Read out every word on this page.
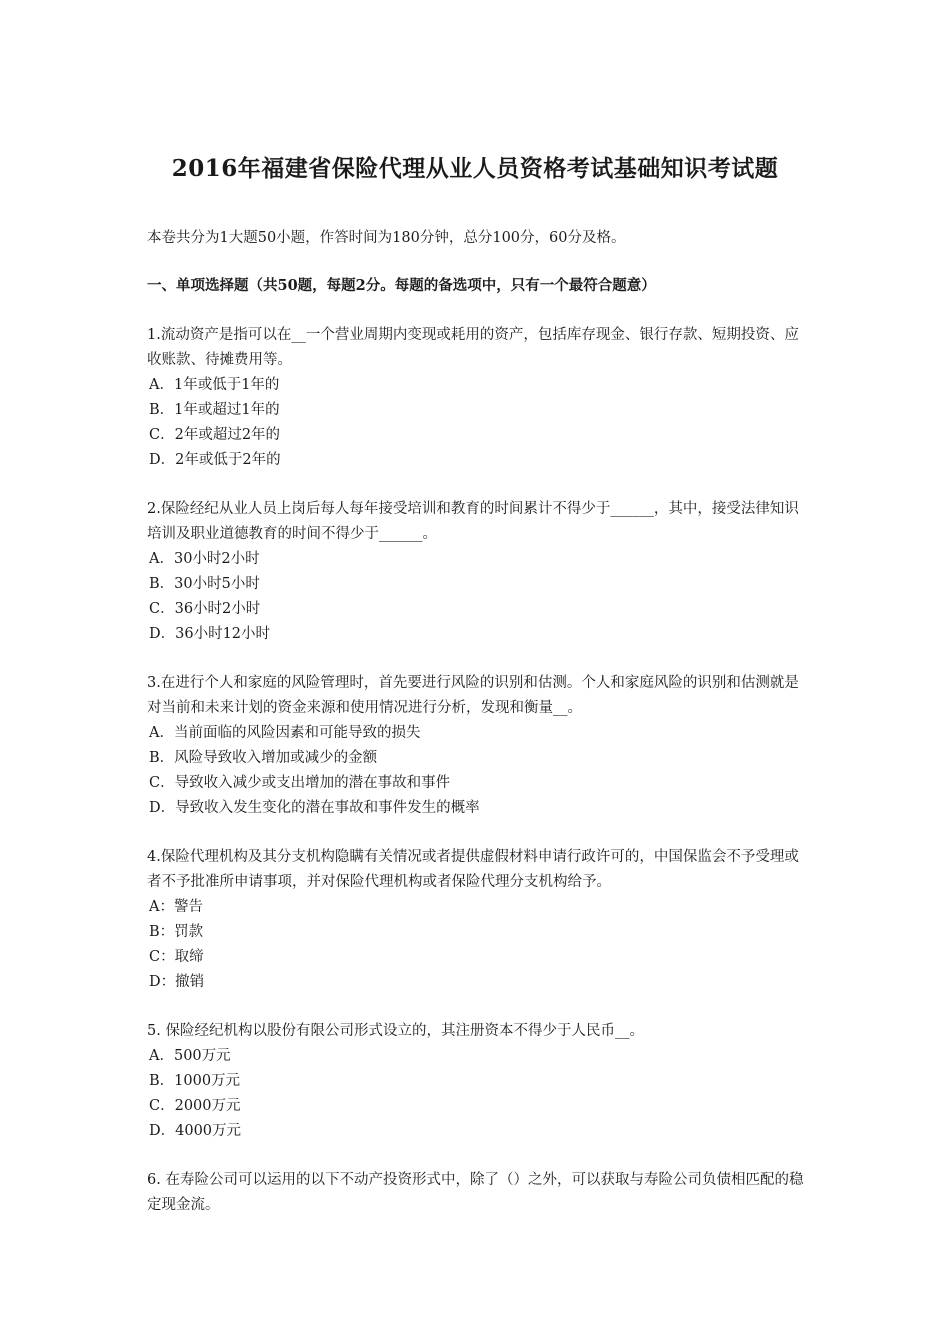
2016年福建省保险代理从业人员资格考试基础知识考试题
本卷共分为1大题50小题，作答时间为180分钟，总分100分，60分及格。
一、单项选择题（共50题，每题2分。每题的备选项中，只有一个最符合题意）

1.流动资产是指可以在__一个营业周期内变现或耗用的资产，包括库存现金、银行存款、短期投资、应收账款、待摊费用等。

A．1年或低于1年的
B．1年或超过1年的
C．2年或超过2年的
D．2年或低于2年的

2.保险经纪从业人员上岗后每人每年接受培训和教育的时间累计不得少于______，其中，接受法律知识培训及职业道德教育的时间不得少于______。

A．30小时2小时
B．30小时5小时
C．36小时2小时
D．36小时12小时

3.在进行个人和家庭的风险管理时，首先要进行风险的识别和估测。个人和家庭风险的识别和估测就是对当前和未来计划的资金来源和使用情况进行分析，发现和衡量__。

A．当前面临的风险因素和可能导致的损失
B．风险导致收入增加或减少的金额
C．导致收入减少或支出增加的潜在事故和事件
D．导致收入发生变化的潜在事故和事件发生的概率

4.保险代理机构及其分支机构隐瞒有关情况或者提供虚假材料申请行政许可的，中国保监会不予受理或者不予批准所申请事项，并对保险代理机构或者保险代理分支机构给予。

A：警告
B：罚款
C：取缔
D：撤销

5. 保险经纪机构以股份有限公司形式设立的，其注册资本不得少于人民币__。

A．500万元
B．1000万元
C．2000万元
D．4000万元

6. 在寿险公司可以运用的以下不动产投资形式中，除了（）之外，可以获取与寿险公司负债相匹配的稳定现金流。
